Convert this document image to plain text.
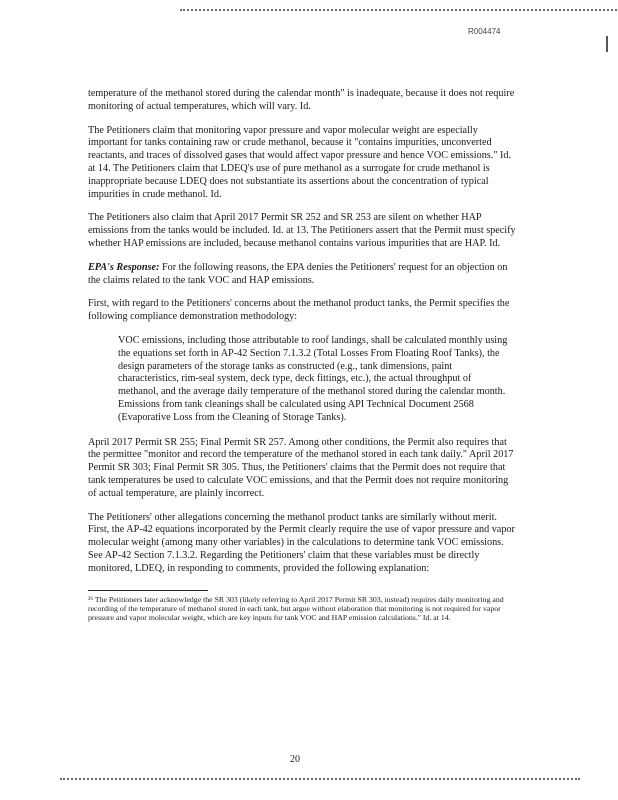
R004474

temperature of the methanol stored during the calendar month" is inadequate, because it does not require monitoring of actual temperatures, which will vary. Id.

The Petitioners claim that monitoring vapor pressure and vapor molecular weight are especially important for tanks containing raw or crude methanol, because it "contains impurities, unconverted reactants, and traces of dissolved gases that would affect vapor pressure and hence VOC emissions." Id. at 14. The Petitioners claim that LDEQ's use of pure methanol as a surrogate for crude methanol is inappropriate because LDEQ does not substantiate its assertions about the concentration of typical impurities in crude methanol. Id.

The Petitioners also claim that April 2017 Permit SR 252 and SR 253 are silent on whether HAP emissions from the tanks would be included. Id. at 13. The Petitioners assert that the Permit must specify whether HAP emissions are included, because methanol contains various impurities that are HAP. Id.

EPA's Response: For the following reasons, the EPA denies the Petitioners' request for an objection on the claims related to the tank VOC and HAP emissions.

First, with regard to the Petitioners' concerns about the methanol product tanks, the Permit specifies the following compliance demonstration methodology:

VOC emissions, including those attributable to roof landings, shall be calculated monthly using the equations set forth in AP-42 Section 7.1.3.2 (Total Losses From Floating Roof Tanks), the design parameters of the storage tanks as constructed (e.g., tank dimensions, paint characteristics, rim-seal system, deck type, deck fittings, etc.), the actual throughput of methanol, and the average daily temperature of the methanol stored during the calendar month. Emissions from tank cleanings shall be calculated using API Technical Document 2568 (Evaporative Loss from the Cleaning of Storage Tanks).

April 2017 Permit SR 255; Final Permit SR 257. Among other conditions, the Permit also requires that the permittee "monitor and record the temperature of the methanol stored in each tank daily." April 2017 Permit SR 303; Final Permit SR 305. Thus, the Petitioners' claims that the Permit does not require that tank temperatures be used to calculate VOC emissions, and that the Permit does not require monitoring of actual temperature, are plainly incorrect.

The Petitioners' other allegations concerning the methanol product tanks are similarly without merit. First, the AP-42 equations incorporated by the Permit clearly require the use of vapor pressure and vapor molecular weight (among many other variables) in the calculations to determine tank VOC emissions. See AP-42 Section 7.1.3.2. Regarding the Petitioners' claim that these variables must be directly monitored, LDEQ, in responding to comments, provided the following explanation:

²⁶ The Petitioners later acknowledge the SR 303 (likely referring to April 2017 Permit SR 303, instead) requires daily monitoring and recording of the temperature of methanol stored in each tank, but argue without elaboration that monitoring is not required for vapor pressure and vapor molecular weight, which are key inputs for tank VOC and HAP emission calculations." Id. at 14.

20
